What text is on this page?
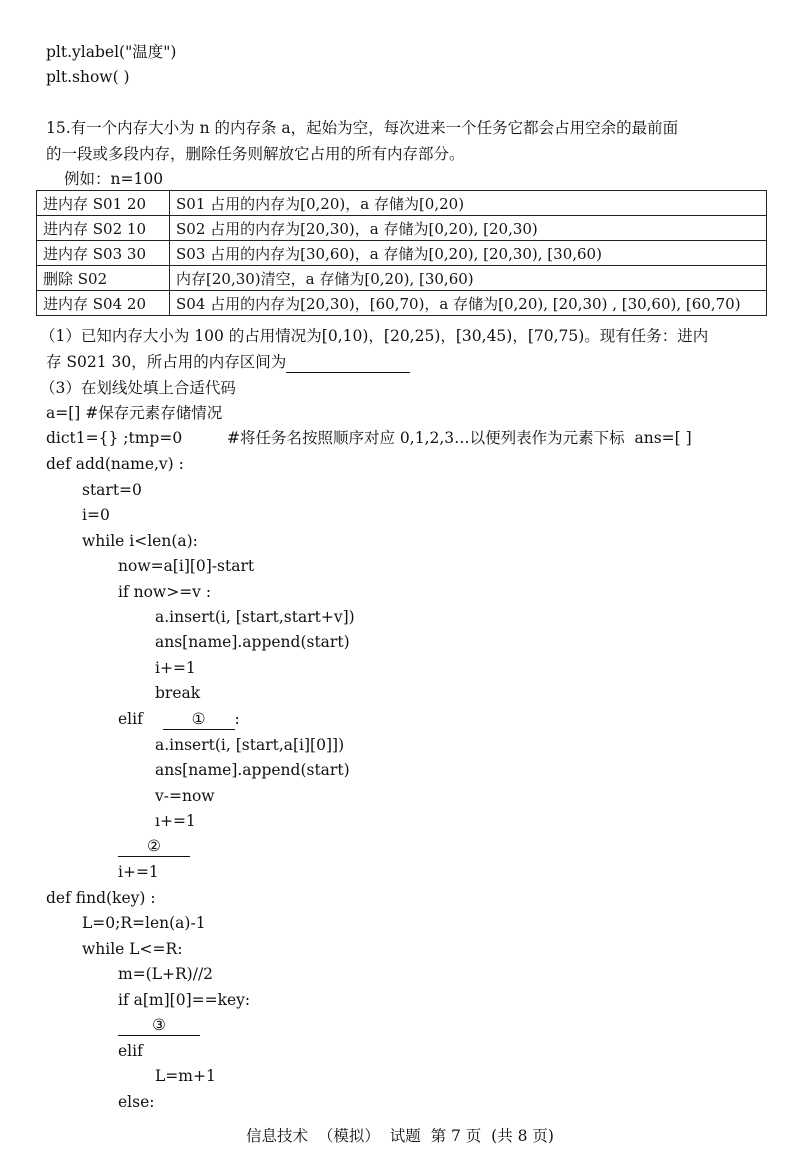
plt.ylabel("温度")
plt.show( )
15.有一个内存大小为 n 的内存条 a，起始为空，每次进来一个任务它都会占用空余的最前面
的一段或多段内存，删除任务则解放它占用的所有内存部分。
例如：n=100
进内存 S01 20	S01 占用的内存为[0,20)，a 存储为[0,20)
进内存 S02 10	S02 占用的内存为[20,30)，a 存储为[0,20), [20,30)
进内存 S03 30	S03 占用的内存为[30,60)，a 存储为[0,20), [20,30), [30,60)
删除 S02	内存[20,30)清空，a 存储为[0,20), [30,60)
进内存 S04 20	S04 占用的内存为[20,30)，[60,70)，a 存储为[0,20), [20,30) , [30,60), [60,70)
（1）已知内存大小为 100 的占用情况为[0,10)，[20,25)，[30,45)，[70,75)。现有任务：进内
存 S021 30，所占用的内存区间为
（3）在划线处填上合适代码
a=[] #保存元素存储情况
dict1={} ;tmp=0	#将任务名按照顺序对应 0,1,2,3…以便列表作为元素下标  ans=[ ]
def add(name,v) :
start=0
i=0
while i<len(a):
now=a[i][0]-start
if now>=v :
a.insert(i, [start,start+v])
ans[name].append(start)
i+=1
break
elif	① :
a.insert(i, [start,a[i][0]])
ans[name].append(start)
v-=now
ı+=1
②
i+=1
def find(key) :
L=0;R=len(a)-1
while L<=R:
m=(L+R)//2
if a[m][0]==key:
③
elif
L=m+1
else:
信息技术  （模拟）  试题  第 7 页  (共 8 页)
